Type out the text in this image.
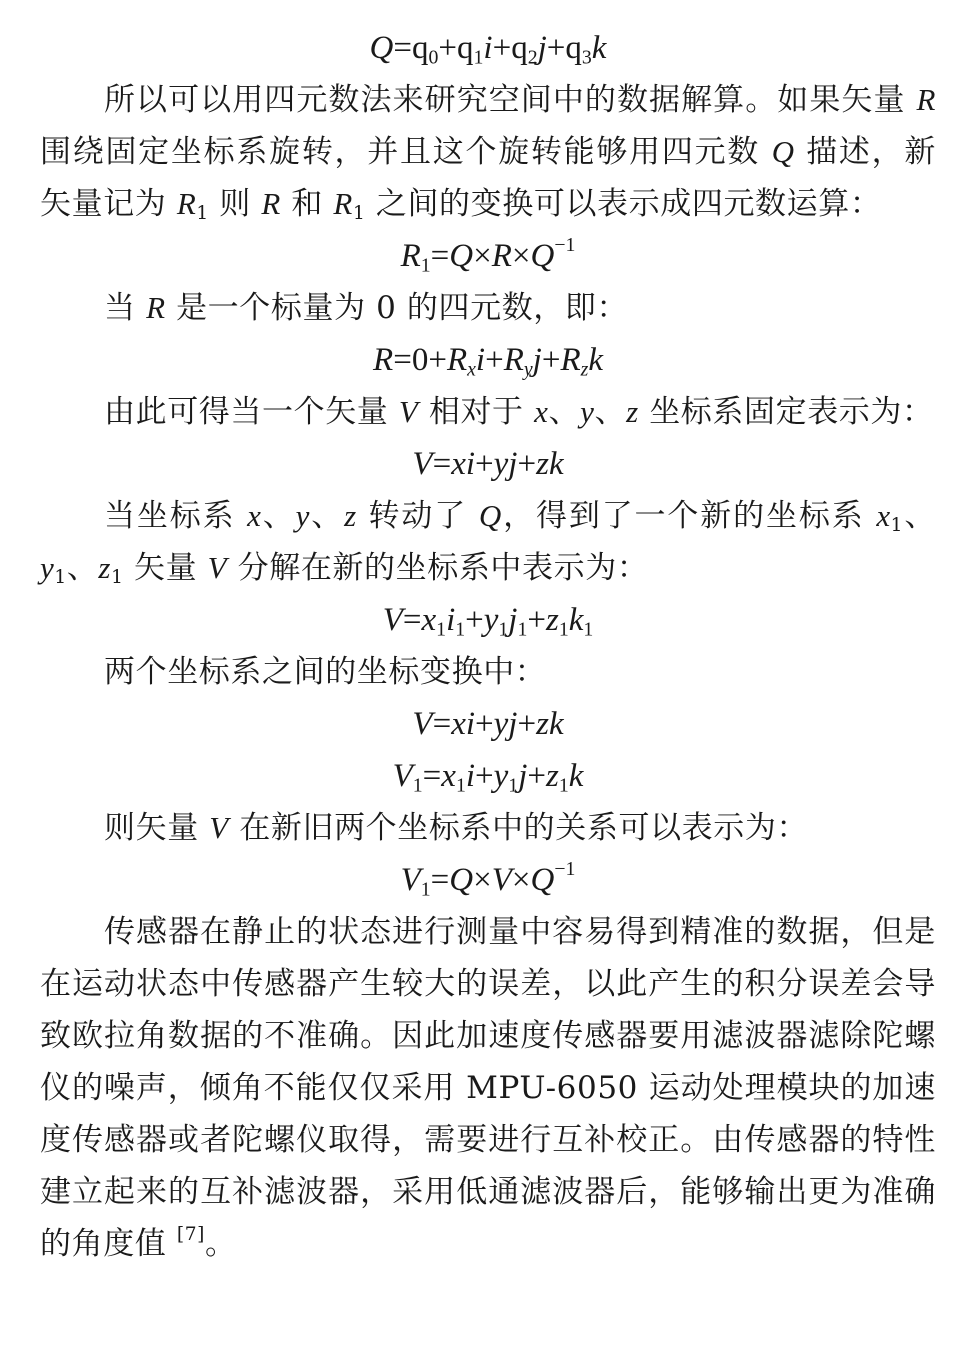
$Q=q_0+q_1i+q_2j+q_3k$

所以可以用四元数法来研究空间中的数据解算。如果矢量 R 围绕固定坐标系旋转，并且这个旋转能够用四元数 Q 描述，新矢量记为 $R_1$ 则 R 和 $R_1$ 之间的变换可以表示成四元数运算：

$R_1=Q\times R\times Q^{-1}$

当 R 是一个标量为 0 的四元数，即：

$R=0+R_xi+R_yj+R_zk$

由此可得当一个矢量 V 相对于 x、y、z 坐标系固定表示为：

V=xi+yj+zk

当坐标系 x、y、z 转动了 Q，得到了一个新的坐标系 $x_1$、$y_1$、$z_1$ 矢量 V 分解在新的坐标系中表示为：

$V=x_1i_1+y_1j_1+z_1k_1$

两个坐标系之间的坐标变换中：

V=xi+yj+zk
$V_1=x_1i+y_1j+z_1k$

则矢量 V 在新旧两个坐标系中的关系可以表示为：

$V_1=Q\times V\times Q^{-1}$

传感器在静止的状态进行测量中容易得到精准的数据，但是在运动状态中传感器产生较大的误差，以此产生的积分误差会导致欧拉角数据的不准确。因此加速度传感器要用滤波器滤除陀螺仪的噪声，倾角不能仅仅采用 MPU-6050 运动处理模块的加速度传感器或者陀螺仪取得，需要进行互补校正。由传感器的特性建立起来的互补滤波器，采用低通滤波器后，能够输出更为准确的角度值 [7]。
